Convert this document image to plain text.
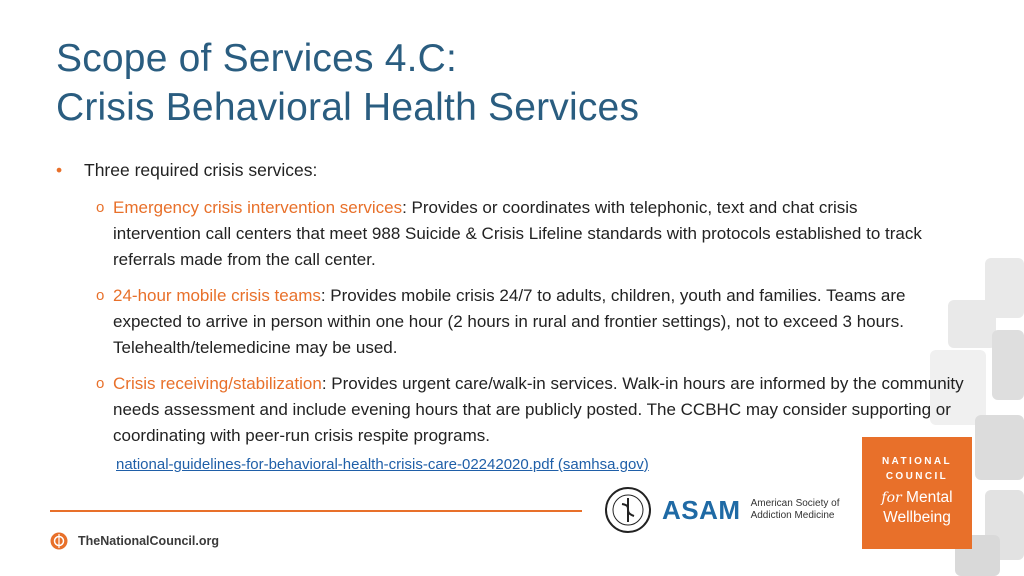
Scope of Services 4.C:
Crisis Behavioral Health Services
• Three required crisis services:
o Emergency crisis intervention services: Provides or coordinates with telephonic, text and chat crisis intervention call centers that meet 988 Suicide & Crisis Lifeline standards with protocols established to track referrals made from the call center.
o 24-hour mobile crisis teams: Provides mobile crisis 24/7 to adults, children, youth and families. Teams are expected to arrive in person within one hour (2 hours in rural and frontier settings), not to exceed 3 hours. Telehealth/telemedicine may be used.
o Crisis receiving/stabilization: Provides urgent care/walk-in services. Walk-in hours are informed by the community needs assessment and include evening hours that are publicly posted. The CCBHC may consider supporting or coordinating with peer-run crisis respite programs.
national-guidelines-for-behavioral-health-crisis-care-02242020.pdf (samhsa.gov)
TheNationalCouncil.org
ASAM American Society of
Addiction Medicine
NATIONAL
COUNCIL
for Mental
Wellbeing
